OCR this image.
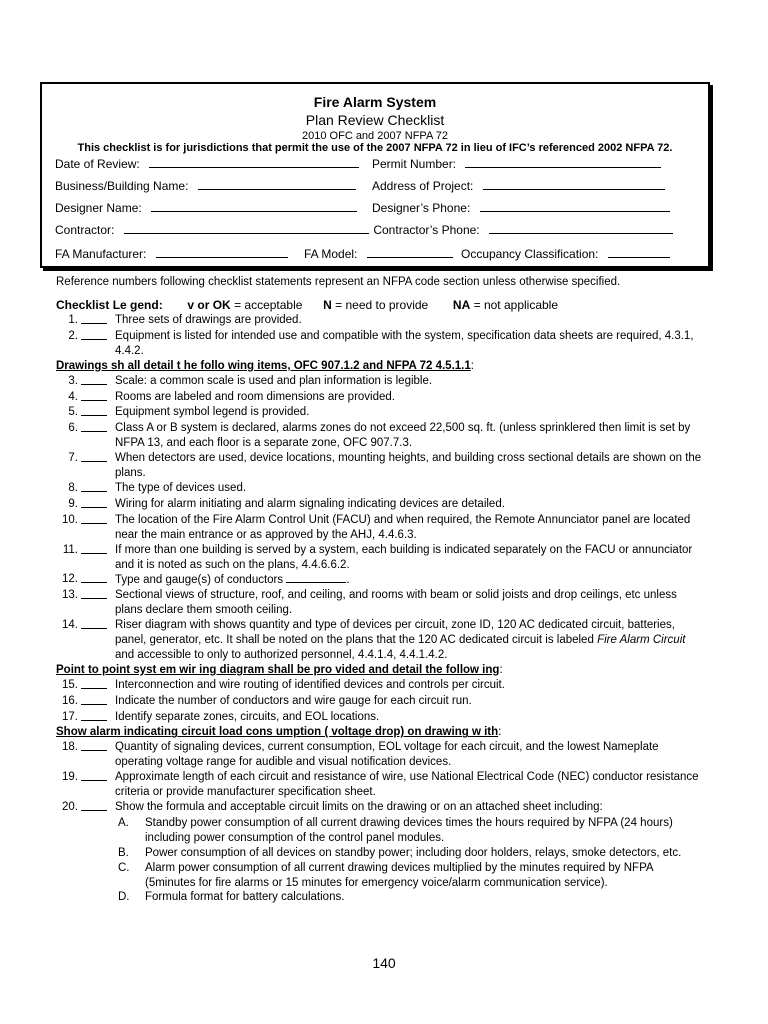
Fire Alarm System
Plan Review Checklist
2010 OFC and 2007 NFPA 72
This checklist is for jurisdictions that permit the use of the 2007 NFPA 72 in lieu of IFC’s referenced 2002 NFPA 72.
Date of Review:	Permit Number:
Business/Building Name:	Address of Project:
Designer Name:	Designer’s Phone:
Contractor:	Contractor’s Phone:
FA Manufacturer:	FA Model:	Occupancy Classification:
Reference numbers following checklist statements represent an NFPA code section unless otherwise specified.
Checklist Le gend: v or OK = acceptable N = need to provide NA = not applicable
1.	Three sets of drawings are provided.
2.	Equipment is listed for intended use and compatible with the system, specification data sheets are required, 4.3.1, 4.4.2.
Drawings sh all detail t he follo wing items, OFC 907.1.2 and NFPA 72 4.5.1.1:
3.	Scale: a common scale is used and plan information is legible.
4.	Rooms are labeled and room dimensions are provided.
5.	Equipment symbol legend is provided.
6.	Class A or B system is declared, alarms zones do not exceed 22,500 sq. ft. (unless sprinklered then limit is set by NFPA 13, and each floor is a separate zone, OFC 907.7.3.
7.	When detectors are used, device locations, mounting heights, and building cross sectional details are shown on the plans.
8.	The type of devices used.
9.	Wiring for alarm initiating and alarm signaling indicating devices are detailed.
10.	The location of the Fire Alarm Control Unit (FACU) and when required, the Remote Annunciator panel are located near the main entrance or as approved by the AHJ, 4.4.6.3.
11.	If more than one building is served by a system, each building is indicated separately on the FACU or annunciator and it is noted as such on the plans, 4.4.6.6.2.
12.	Type and gauge(s) of conductors	.
13.	Sectional views of structure, roof, and ceiling, and rooms with beam or solid joists and drop ceilings, etc unless plans declare them smooth ceiling.
14.	Riser diagram with shows quantity and type of devices per circuit, zone ID, 120 AC dedicated circuit, batteries, panel, generator, etc. It shall be noted on the plans that the 120 AC dedicated circuit is labeled Fire Alarm Circuit and accessible to only to authorized personnel, 4.4.1.4, 4.4.1.4.2.
Point to point syst em wir ing diagram shall be pro vided and detail the follow ing:
15.	Interconnection and wire routing of identified devices and controls per circuit.
16.	Indicate the number of conductors and wire gauge for each circuit run.
17.	Identify separate zones, circuits, and EOL locations.
Show alarm indicating circuit load cons umption ( voltage drop) on drawing w ith:
18.	Quantity of signaling devices, current consumption, EOL voltage for each circuit, and the lowest Nameplate operating voltage range for audible and visual notification devices.
19.	Approximate length of each circuit and resistance of wire, use National Electrical Code (NEC) conductor resistance criteria or provide manufacturer specification sheet.
20.	Show the formula and acceptable circuit limits on the drawing or on an attached sheet including:
A.	Standby power consumption of all current drawing devices times the hours required by NFPA (24 hours) including power consumption of the control panel modules.
B.	Power consumption of all devices on standby power; including door holders, relays, smoke detectors, etc.
C.	Alarm power consumption of all current drawing devices multiplied by the minutes required by NFPA (5minutes for fire alarms or 15 minutes for emergency voice/alarm communication service).
D.	Formula format for battery calculations.
140
